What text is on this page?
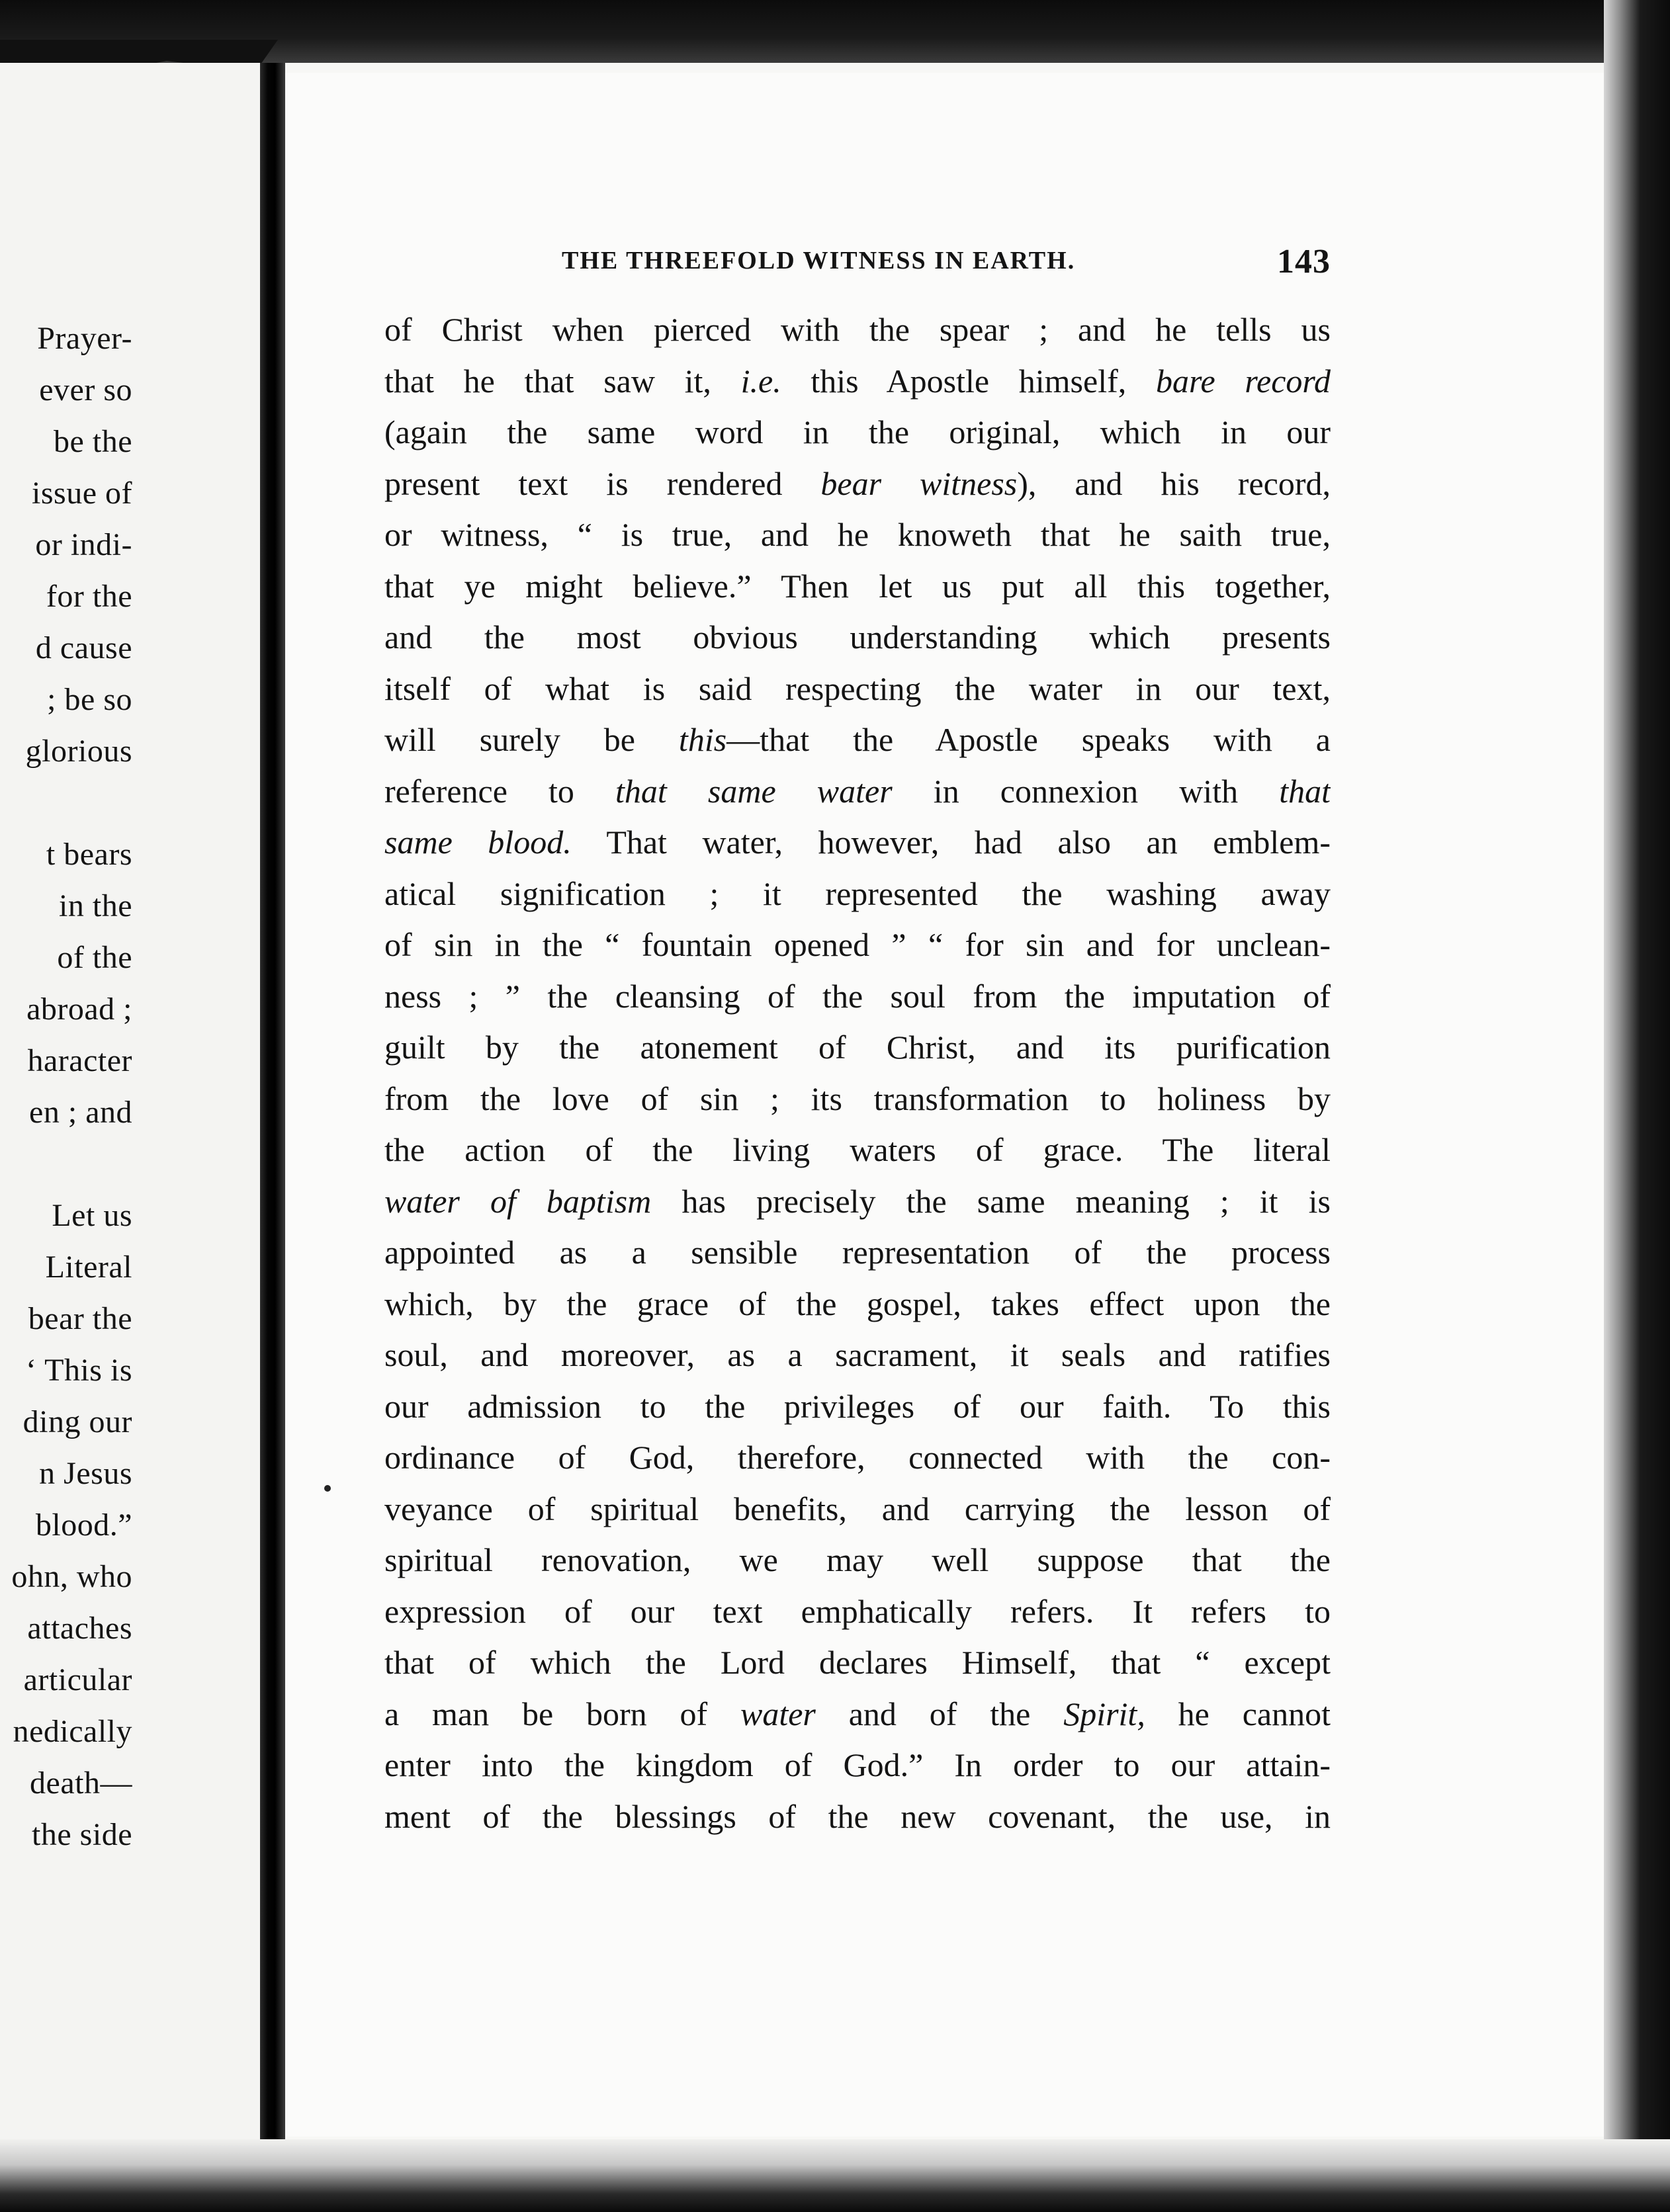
Prayer-
ever so
be the
issue of
or indi-
for the
d cause
; be so
glorious
t bears
in the
of the
abroad ;
haracter
en ; and
Let us
Literal
bear the
‘ This is
ding our
n Jesus
blood.”
ohn, who
attaches
articular
nedically
death—
the side
THE THREEFOLD WITNESS IN EARTH.	143
of Christ when pierced with the spear ; and he tells us
that he that saw it, i.e. this Apostle himself, bare record
(again the same word in the original, which in our
present text is rendered bear witness), and his record,
or witness, “ is true, and he knoweth that he saith true,
that ye might believe.” Then let us put all this together,
and the most obvious understanding which presents
itself of what is said respecting the water in our text,
will surely be this—that the Apostle speaks with a
reference to that same water in connexion with that
same blood. That water, however, had also an emblem-
atical signification ; it represented the washing away
of sin in the “ fountain opened ” “ for sin and for unclean-
ness ; ” the cleansing of the soul from the imputation of
guilt by the atonement of Christ, and its purification
from the love of sin ; its transformation to holiness by
the action of the living waters of grace. The literal
water of baptism has precisely the same meaning ; it is
appointed as a sensible representation of the process
which, by the grace of the gospel, takes effect upon the
soul, and moreover, as a sacrament, it seals and ratifies
our admission to the privileges of our faith. To this
ordinance of God, therefore, connected with the con-
veyance of spiritual benefits, and carrying the lesson of
spiritual renovation, we may well suppose that the
expression of our text emphatically refers. It refers to
that of which the Lord declares Himself, that “ except
a man be born of water and of the Spirit, he cannot
enter into the kingdom of God.” In order to our attain-
ment of the blessings of the new covenant, the use, in
